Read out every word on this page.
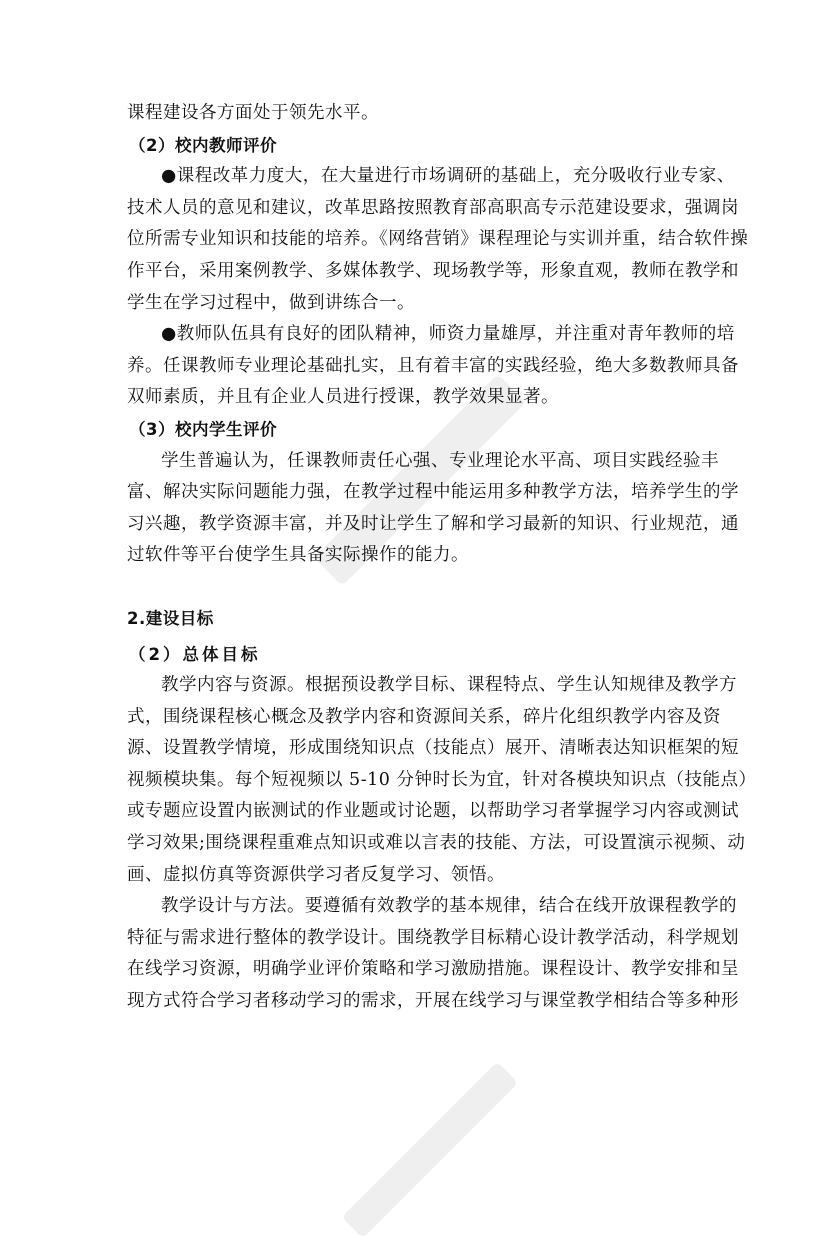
课程建设各方面处于领先水平。
（2）校内教师评价
●课程改革力度大，在大量进行市场调研的基础上，充分吸收行业专家、
技术人员的意见和建议，改革思路按照教育部高职高专示范建设要求，强调岗
位所需专业知识和技能的培养。《网络营销》课程理论与实训并重，结合软件操
作平台，采用案例教学、多媒体教学、现场教学等，形象直观，教师在教学和
学生在学习过程中，做到讲练合一。
●教师队伍具有良好的团队精神，师资力量雄厚，并注重对青年教师的培
养。任课教师专业理论基础扎实，且有着丰富的实践经验，绝大多数教师具备
双师素质，并且有企业人员进行授课，教学效果显著。
（3）校内学生评价
学生普遍认为，任课教师责任心强、专业理论水平高、项目实践经验丰
富、解决实际问题能力强，在教学过程中能运用多种教学方法，培养学生的学
习兴趣，教学资源丰富，并及时让学生了解和学习最新的知识、行业规范，通
过软件等平台使学生具备实际操作的能力。
2.建设目标
（2）总体目标
教学内容与资源。根据预设教学目标、课程特点、学生认知规律及教学方
式，围绕课程核心概念及教学内容和资源间关系，碎片化组织教学内容及资
源、设置教学情境，形成围绕知识点（技能点）展开、清晰表达知识框架的短
视频模块集。每个短视频以 5-10 分钟时长为宜，针对各模块知识点（技能点）
或专题应设置内嵌测试的作业题或讨论题，以帮助学习者掌握学习内容或测试
学习效果;围绕课程重难点知识或难以言表的技能、方法，可设置演示视频、动
画、虚拟仿真等资源供学习者反复学习、领悟。
教学设计与方法。要遵循有效教学的基本规律，结合在线开放课程教学的
特征与需求进行整体的教学设计。围绕教学目标精心设计教学活动，科学规划
在线学习资源，明确学业评价策略和学习激励措施。课程设计、教学安排和呈
现方式符合学习者移动学习的需求，开展在线学习与课堂教学相结合等多种形
